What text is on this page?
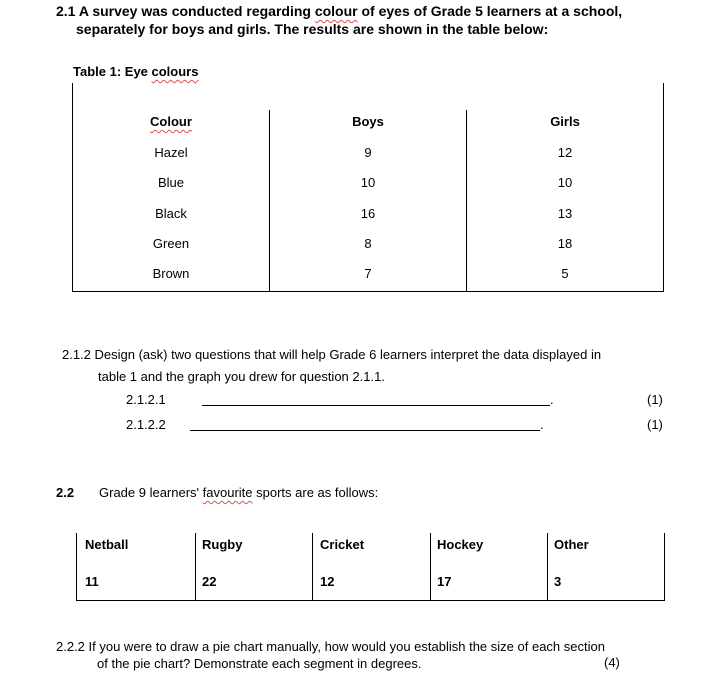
2.1 A survey was conducted regarding colour of eyes of Grade 5 learners at a school,
separately for boys and girls. The results are shown in the table below:
Table 1: Eye colours
Colour	Boys	Girls
Hazel	9	12
Blue	10	10
Black	16	13
Green	8	18
Brown	7	5
2.1.2 Design (ask) two questions that will help Grade 6 learners interpret the data displayed in
table 1 and the graph you drew for question 2.1.1.
2.1.2.1	.	(1)
2.1.2.2	.	(1)
2.2 Grade 9 learners' favourite sports are as follows:
Netball	Rugby	Cricket	Hockey	Other
11	22	12	17	3
2.2.2 If you were to draw a pie chart manually, how would you establish the size of each section
of the pie chart? Demonstrate each segment in degrees.	(4)
